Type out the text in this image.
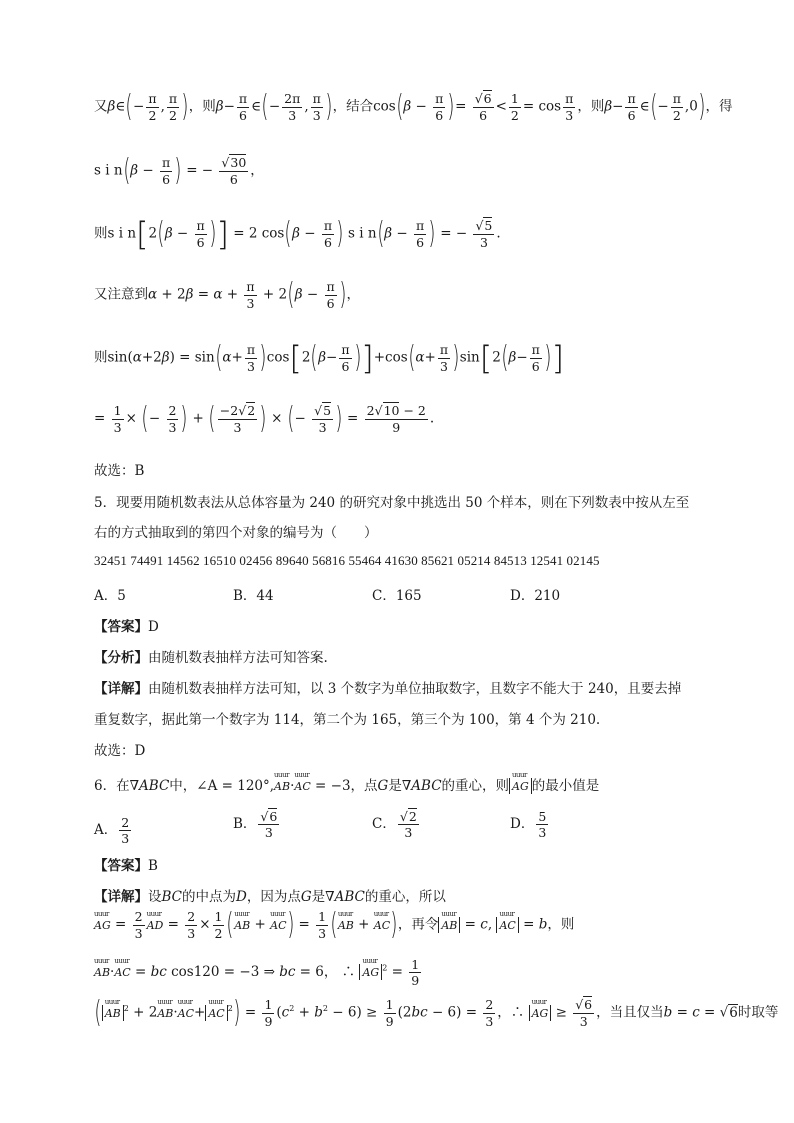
又β∈(− $\frac{\pi}{2}$ , $\frac{\pi}{2}$ )，则$\beta- \frac{\pi}{6}$ ∈(− $\frac{2\pi}{3}$ , $\frac{\pi}{3}$ )，结合$\cos(\beta - \frac{\pi}{6}$ )= $\frac{√6}{6} < \frac{1}{2} = \cos \frac{\pi}{3}$ ，则$\beta- \frac{\pi}{6}$ ∈(− $\frac{\pi}{2} ,0$)，得
s i $n(\beta - \frac{\pi}{6}$ ) = − $\frac{√30}{6}$ ，
则s i $n[2(\beta - \frac{\pi}{6}$ )] = 2 $\cos(\beta - \frac{\pi}{6}$ ) s i $n(\beta - \frac{\pi}{6}$ ) = − $\frac{√5}{3}$ .
又注意到$\alpha + 2\beta = \alpha + \frac{\pi}{3} + 2(\beta - \frac{\pi}{6}$ )，
则$\sin(\alpha+2\beta) = \sin(\alpha+ \frac{\pi}{3} )\cos[2(\beta- \frac{\pi}{6} )]+\cos(\alpha+ \frac{\pi}{3} )\sin[2(\beta- \frac{\pi}{6}$ )]
= $\frac{1}{3}$ × (− $\frac{2}{3}$ ) + ( $\frac{-2√2}{3}$ ) × (− $\frac{√5}{3}$ ) = $\frac{2√10 - 2}{9}$ .
故选：B
5．现要用随机数表法从总体容量为 240 的研究对象中挑选出 50 个样本，则在下列数表中按从左至
右的方式抽取到的第四个对象的编号为（　　）
32451 74491 14562 16510 02456 89640 56816 55464 41630 85621 05214 84513 12541 02145
A．5	B．44	C．165	D．210
【答案】D
【分析】由随机数表抽样方法可知答案.
【详解】由随机数表抽样方法可知，以 3 个数字为单位抽取数字，且数字不能大于 240，且要去掉
重复数字，据此第一个数字为 114，第二个为 165，第三个为 100，第 4 个为 210.
故选：D
6．在∇ABC中，∠A = 120°,uuur AB·uuur AC = −3，点G是∇ABC的重心，则 uuur AG 的最小值是
A． $\frac{2}{3}$	B． $\frac{√6}{3}$	C． $\frac{√2}{3}$	D． $\frac{5}{3}$
【答案】B
【详解】设BC的中点为D，因为点G是∇ABC的重心，所以
uuur AG = $\frac{2}{3}$ uuur AD = $\frac{2}{3} \times \frac{1}{2}$ (uuur AB + uuur $AC) = \frac{1}{3}$ (uuur AB + uuur AC)，再令 uuur AB = c, uuur AC = b，则
uuur AB·uuur AC = bc cos120 = −3 ⇒ bc = 6， ∴ uuur AG $^2 = \frac{1}{9}$
( uuur AB $^2$ + 2uuur AB·uuur AC+ uuur AC $^2) = \frac{1}{9} (c^2 + b^2 - 6) \ge \frac{1}{9} (2bc - 6) = \frac{2}{3}$ ，∴ uuur AG ≥ $\frac{√6}{3}$ ，当且仅当b = c = √6时取等
